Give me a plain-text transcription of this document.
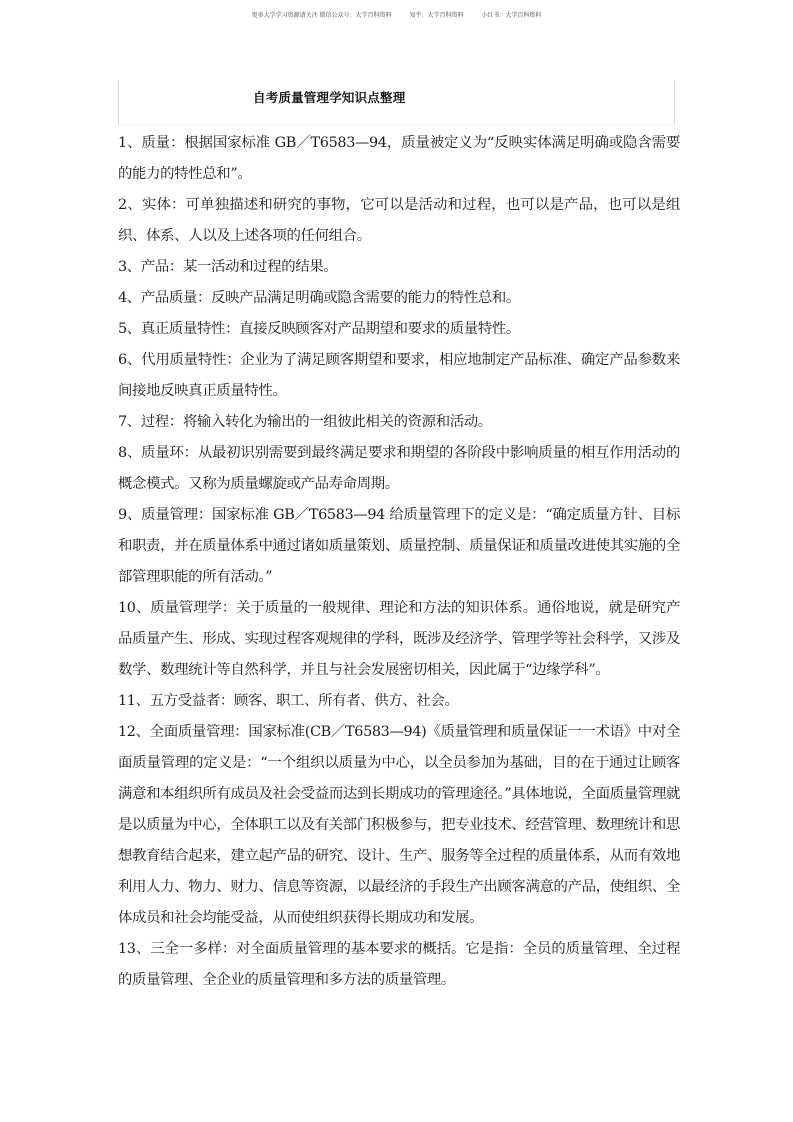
更多大学学习资源请关注 微信公众号：大学百科资料	知乎：大学百科资料	小红书：大学百科资料
自考质量管理学知识点整理

1、质量：根据国家标准 GB／T6583—94，质量被定义为“反映实体满足明确或隐含需要的能力的特性总和”。

2、实体：可单独描述和研究的事物，它可以是活动和过程，也可以是产品，也可以是组织、体系、人以及上述各项的任何组合。

3、产品：某一活动和过程的结果。

4、产品质量：反映产品满足明确或隐含需要的能力的特性总和。

5、真正质量特性：直接反映顾客对产品期望和要求的质量特性。

6、代用质量特性：企业为了满足顾客期望和要求，相应地制定产品标准、确定产品参数来间接地反映真正质量特性。

7、过程：将输入转化为输出的一组彼此相关的资源和活动。

8、质量环：从最初识别需要到最终满足要求和期望的各阶段中影响质量的相互作用活动的概念模式。又称为质量螺旋或产品寿命周期。

9、质量管理：国家标准 GB／T6583—94 给质量管理下的定义是：“确定质量方针、目标和职责，并在质量体系中通过诸如质量策划、质量控制、质量保证和质量改进使其实施的全部管理职能的所有活动。”

10、质量管理学：关于质量的一般规律、理论和方法的知识体系。通俗地说，就是研究产品质量产生、形成、实现过程客观规律的学科，既涉及经济学、管理学等社会科学，又涉及数学、数理统计等自然科学，并且与社会发展密切相关，因此属于“边缘学科”。

11、五方受益者：顾客、职工、所有者、供方、社会。

12、全面质量管理：国家标准(CB／T6583—94)《质量管理和质量保证一一术语》中对全面质量管理的定义是：“一个组织以质量为中心，以全员参加为基础，目的在于通过让顾客满意和本组织所有成员及社会受益而达到长期成功的管理途径。”具体地说，全面质量管理就是以质量为中心，全体职工以及有关部门积极参与，把专业技术、经营管理、数理统计和思想教育结合起来，建立起产品的研究、设计、生产、服务等全过程的质量体系，从而有效地利用人力、物力、财力、信息等资源，以最经济的手段生产出顾客满意的产品，使组织、全体成员和社会均能受益，从而使组织获得长期成功和发展。

13、三全一多样：对全面质量管理的基本要求的概括。它是指：全员的质量管理、全过程的质量管理、全企业的质量管理和多方法的质量管理。
